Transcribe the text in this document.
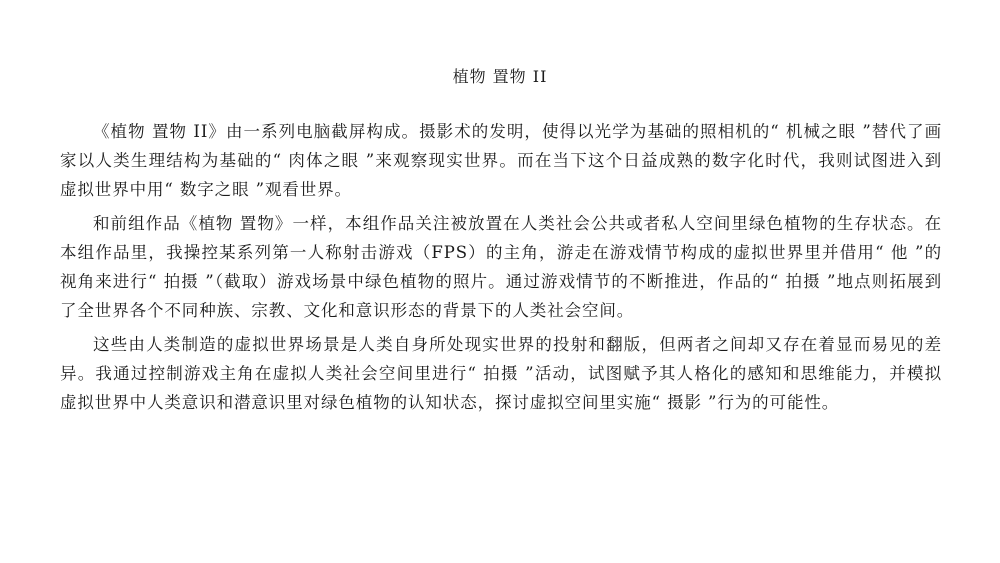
植物 置物 II

《植物 置物 II》由一系列电脑截屏构成。摄影术的发明，使得以光学为基础的照相机的“ 机械之眼 ”替代了画家以人类生理结构为基础的“ 肉体之眼 ”来观察现实世界。而在当下这个日益成熟的数字化时代，我则试图进入到虚拟世界中用“ 数字之眼 ”观看世界。

和前组作品《植物 置物》一样，本组作品关注被放置在人类社会公共或者私人空间里绿色植物的生存状态。在本组作品里，我操控某系列第一人称射击游戏（FPS）的主角，游走在游戏情节构成的虚拟世界里并借用“ 他 ”的视角来进行“ 拍摄 ”（截取）游戏场景中绿色植物的照片。通过游戏情节的不断推进，作品的“ 拍摄 ”地点则拓展到了全世界各个不同种族、宗教、文化和意识形态的背景下的人类社会空间。

这些由人类制造的虚拟世界场景是人类自身所处现实世界的投射和翻版，但两者之间却又存在着显而易见的差异。我通过控制游戏主角在虚拟人类社会空间里进行“ 拍摄 ”活动，试图赋予其人格化的感知和思维能力，并模拟虚拟世界中人类意识和潜意识里对绿色植物的认知状态，探讨虚拟空间里实施“ 摄影 ”行为的可能性。
